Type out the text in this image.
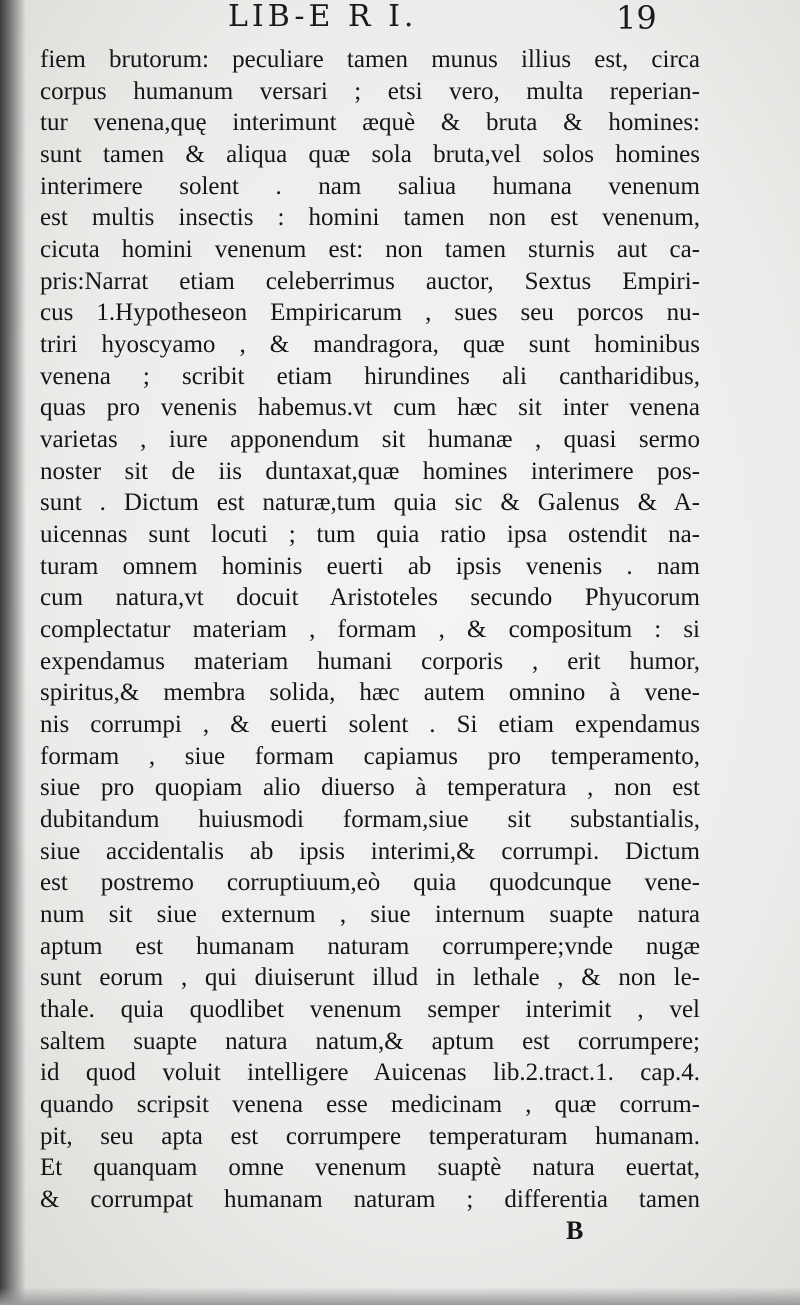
LIB-E R I.	19
fiem brutorum: peculiare tamen munus illius est, circa
corpus humanum versari ; etsi vero, multa reperian-
tur venena,quę interimunt æquè & bruta & homines:
sunt tamen & aliqua quæ sola bruta,vel solos homines
interimere solent . nam saliua humana venenum
est multis insectis : homini tamen non est venenum,
cicuta homini venenum est: non tamen sturnis aut ca-
pris:Narrat etiam celeberrimus auctor, Sextus Empiri-
cus 1.Hypotheseon Empiricarum , sues seu porcos nu-
triri hyoscyamo , & mandragora, quæ sunt hominibus
venena ; scribit etiam hirundines ali cantharidibus,
quas pro venenis habemus.vt cum hæc sit inter venena
varietas , iure apponendum sit humanæ , quasi sermo
noster sit de iis duntaxat,quæ homines interimere pos-
sunt . Dictum est naturæ,tum quia sic & Galenus & A-
uicennas sunt locuti ; tum quia ratio ipsa ostendit na-
turam omnem hominis euerti ab ipsis venenis . nam
cum natura,vt docuit Aristoteles secundo Phyucorum
complectatur materiam , formam , & compositum : si
expendamus materiam humani corporis , erit humor,
spiritus,& membra solida, hæc autem omnino à vene-
nis corrumpi , & euerti solent . Si etiam expendamus
formam , siue formam capiamus pro temperamento,
siue pro quopiam alio diuerso à temperatura , non est
dubitandum huiusmodi formam,siue sit substantialis,
siue accidentalis ab ipsis interimi,& corrumpi. Dictum
est postremo corruptiuum,eò quia quodcunque vene-
num sit siue externum , siue internum suapte natura
aptum est humanam naturam corrumpere;vnde nugæ
sunt eorum , qui diuiserunt illud in lethale , & non le-
thale. quia quodlibet venenum semper interimit , vel
saltem suapte natura natum,& aptum est corrumpere;
id quod voluit intelligere Auicenas lib.2.tract.1. cap.4.
quando scripsit venena esse medicinam , quæ corrum-
pit, seu apta est corrumpere temperaturam humanam.
Et quanquam omne venenum suaptè natura euertat,
& corrumpat humanam naturam ; differentia tamen
B
